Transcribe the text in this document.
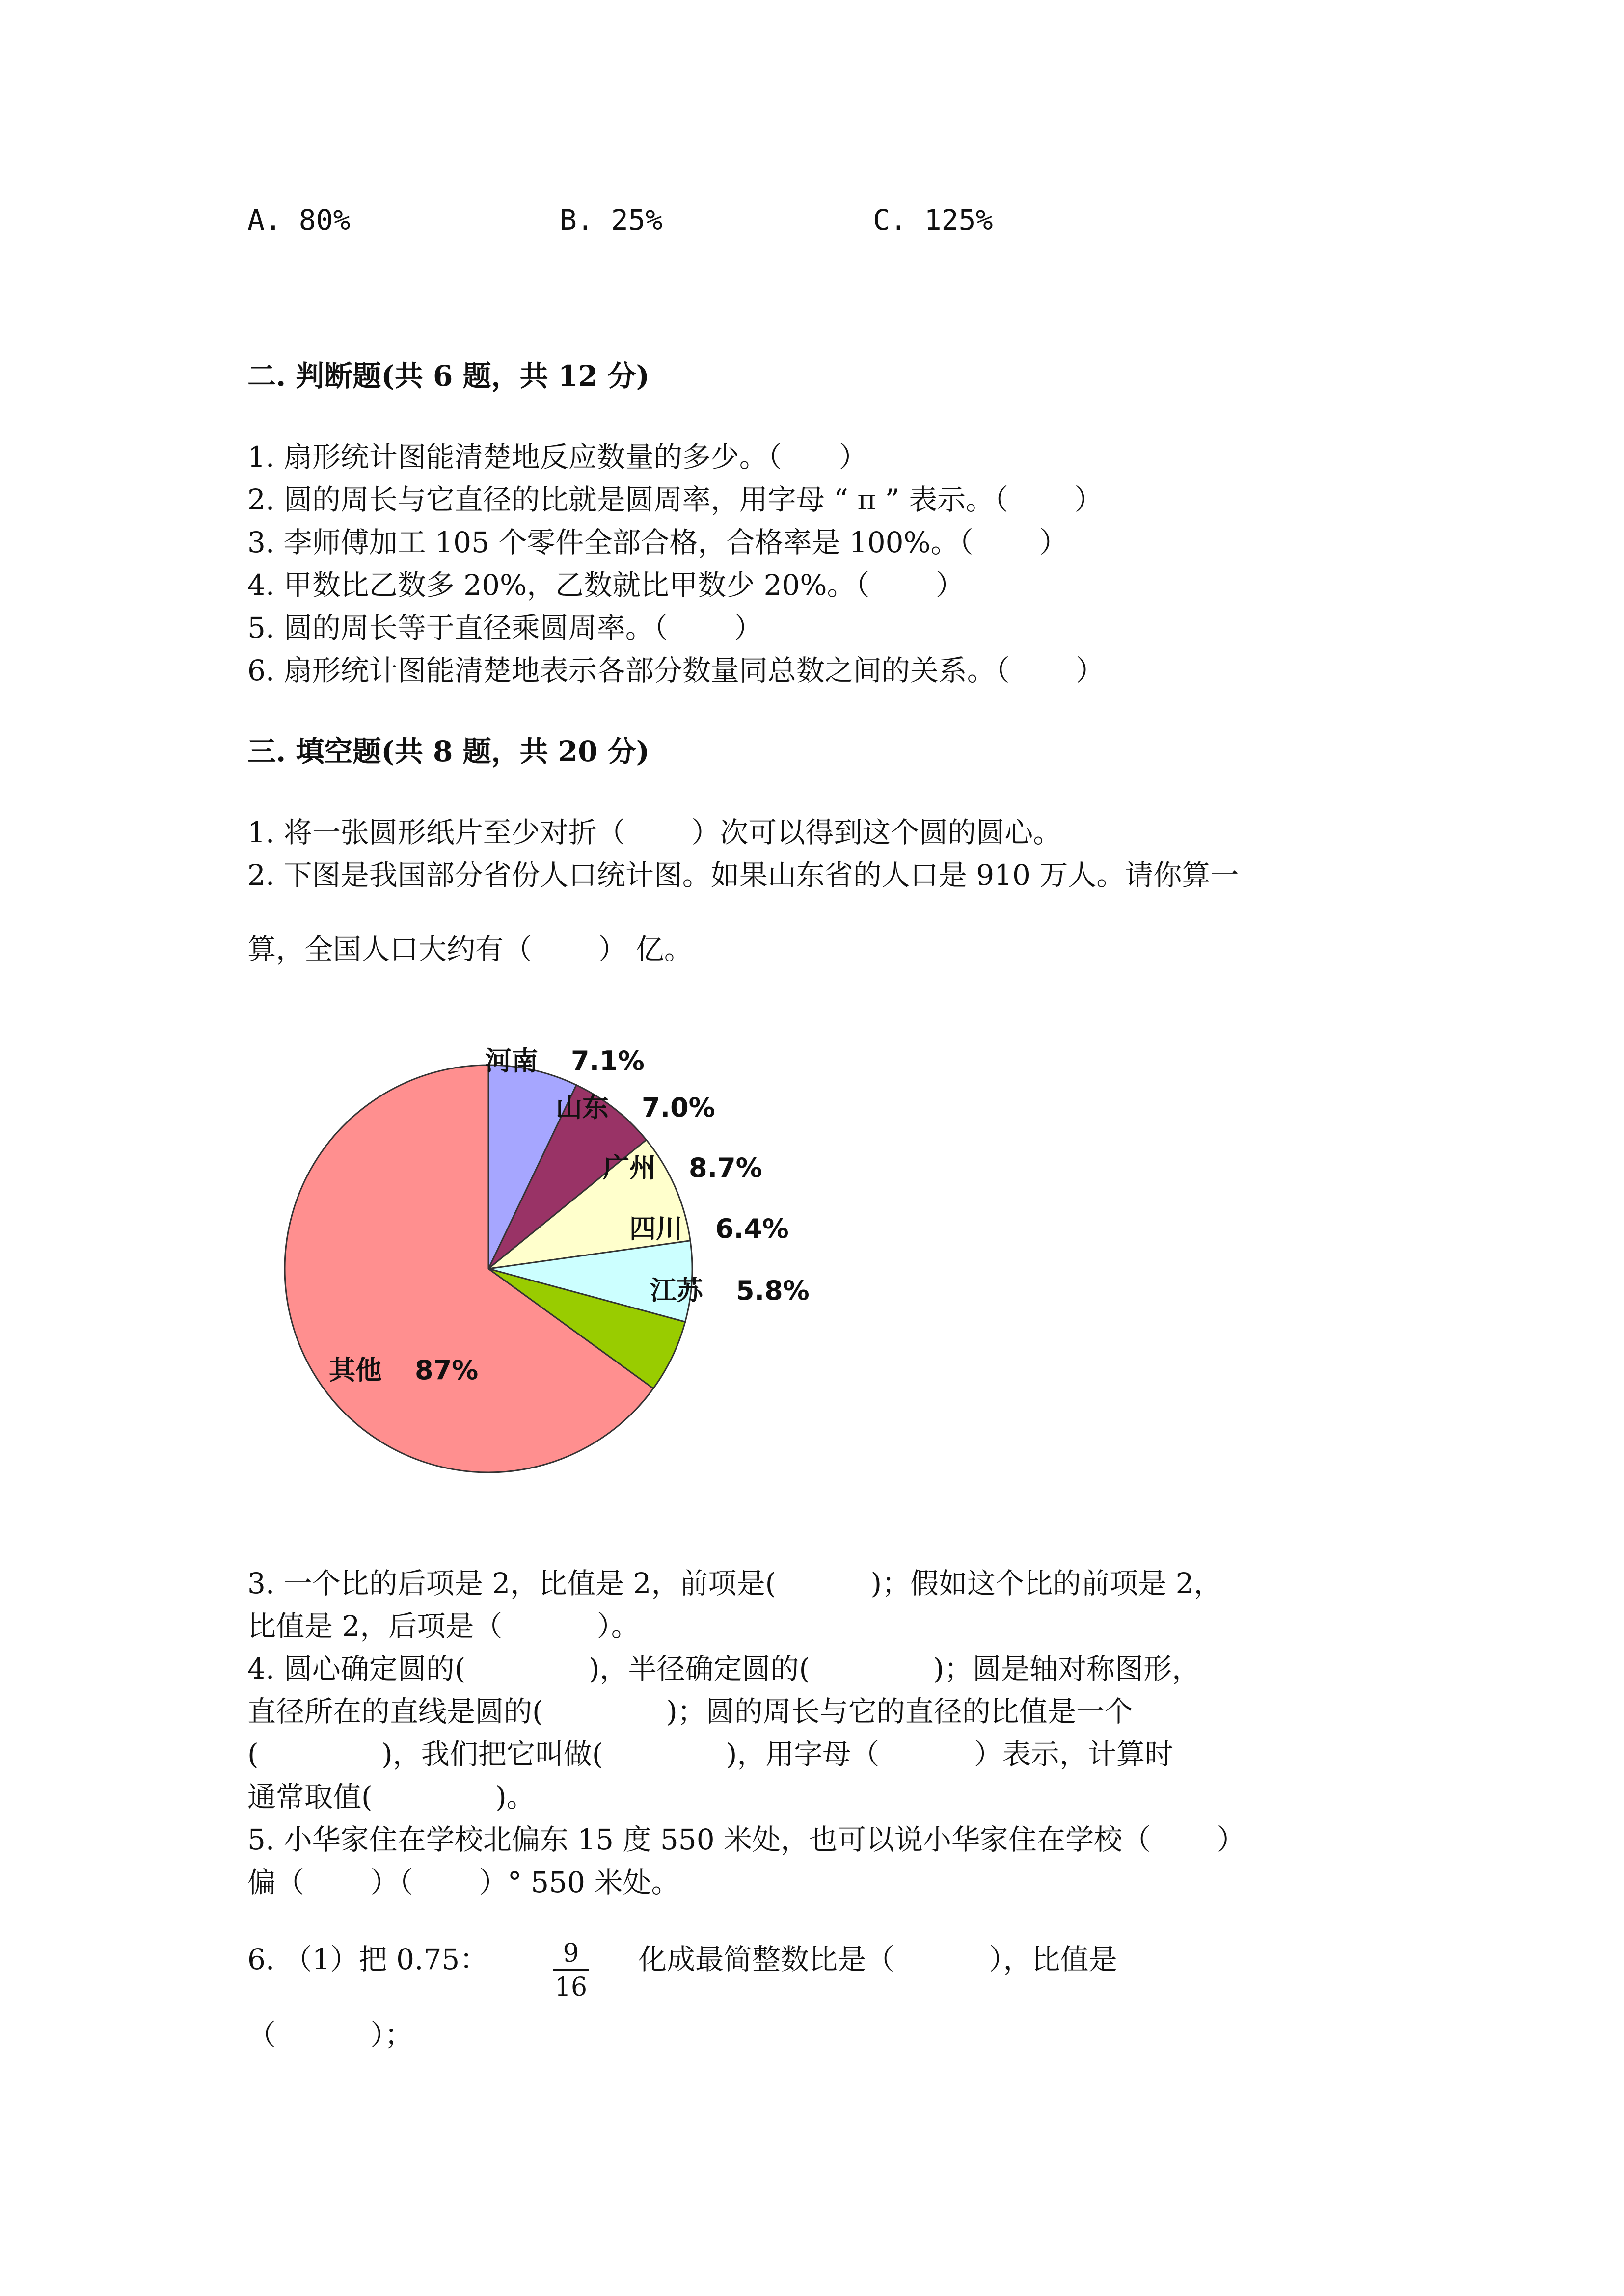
A. 80%	B. 25%	C. 125%
二. 判断题(共 6 题，共 12 分)
1. 扇形统计图能清楚地反应数量的多少。（　　）
2. 圆的周长与它直径的比就是圆周率，用字母 “ π ” 表示。（　　 ）
3. 李师傅加工 105 个零件全部合格，合格率是 100%。（　　 ）
4. 甲数比乙数多 20%，乙数就比甲数少 20%。（　　 ）
5. 圆的周长等于直径乘圆周率。（　　 ）
6. 扇形统计图能清楚地表示各部分数量同总数之间的关系。（　　 ）
三. 填空题(共 8 题，共 20 分)
1. 将一张圆形纸片至少对折（　　 ）次可以得到这个圆的圆心。
2. 下图是我国部分省份人口统计图。如果山东省的人口是 910 万人。请你算一
算，全国人口大约有（　　 ） 亿。
河南 7.1%
山东 7.0%
广州 8.7%
四川 6.4%
江苏 5.8%
其他 87%
3. 一个比的后项是 2，比值是 2，前项是(　　　 )；假如这个比的前项是 2，
比值是 2，后项是（　　　 ）。
4. 圆心确定圆的(　　　　 )，半径确定圆的(　　　　 )；圆是轴对称图形，
直径所在的直线是圆的(　　　　 )；圆的周长与它的直径的比值是一个
(　　　　 )，我们把它叫做(　　　　 )，用字母（　　　 ）表示，计算时
通常取值(　　　　 )。
5. 小华家住在学校北偏东 15 度 550 米处，也可以说小华家住在学校（　　 ）
偏（　　 ）（　　 ）° 550 米处。
6. （1）把 0.75：	9
16
化成最简整数比是（　　　 ），比值是
（　　　 ）；
